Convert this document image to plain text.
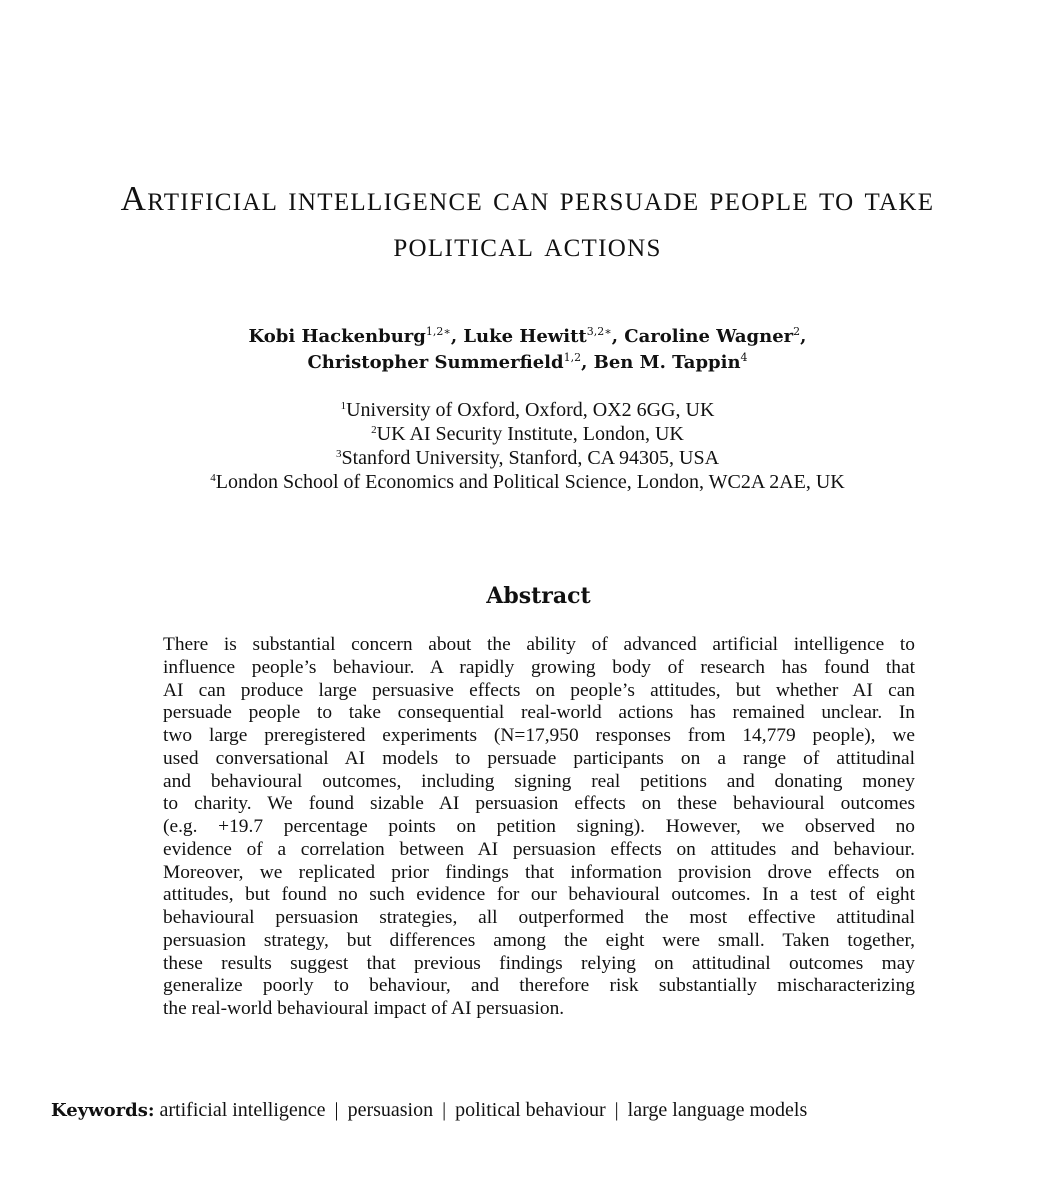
Artificial intelligence can persuade people to take
political actions
Kobi Hackenburg$^{1,2∗}$, Luke Hewitt$^{3,2∗}$, Caroline Wagner$^2$,
Christopher Summerfield$^{1,2}$, Ben M. Tappin$^4$
$^1$University of Oxford, Oxford, OX2 6GG, UK
$^2$UK AI Security Institute, London, UK
$^3$Stanford University, Stanford, CA 94305, USA
$^4$London School of Economics and Political Science, London, WC2A 2AE, UK
Abstract
There is substantial concern about the ability of advanced artificial intelligence to
influence people’s behaviour. A rapidly growing body of research has found that
AI can produce large persuasive effects on people’s attitudes, but whether AI can
persuade people to take consequential real-world actions has remained unclear. In
two large preregistered experiments (N=17,950 responses from 14,779 people), we
used conversational AI models to persuade participants on a range of attitudinal
and behavioural outcomes, including signing real petitions and donating money
to charity. We found sizable AI persuasion effects on these behavioural outcomes
(e.g. +19.7 percentage points on petition signing). However, we observed no
evidence of a correlation between AI persuasion effects on attitudes and behaviour.
Moreover, we replicated prior findings that information provision drove effects on
attitudes, but found no such evidence for our behavioural outcomes. In a test of eight
behavioural persuasion strategies, all outperformed the most effective attitudinal
persuasion strategy, but differences among the eight were small. Taken together,
these results suggest that previous findings relying on attitudinal outcomes may
generalize poorly to behaviour, and therefore risk substantially mischaracterizing
the real-world behavioural impact of AI persuasion.
Keywords: artificial intelligence | persuasion | political behaviour | large language models
